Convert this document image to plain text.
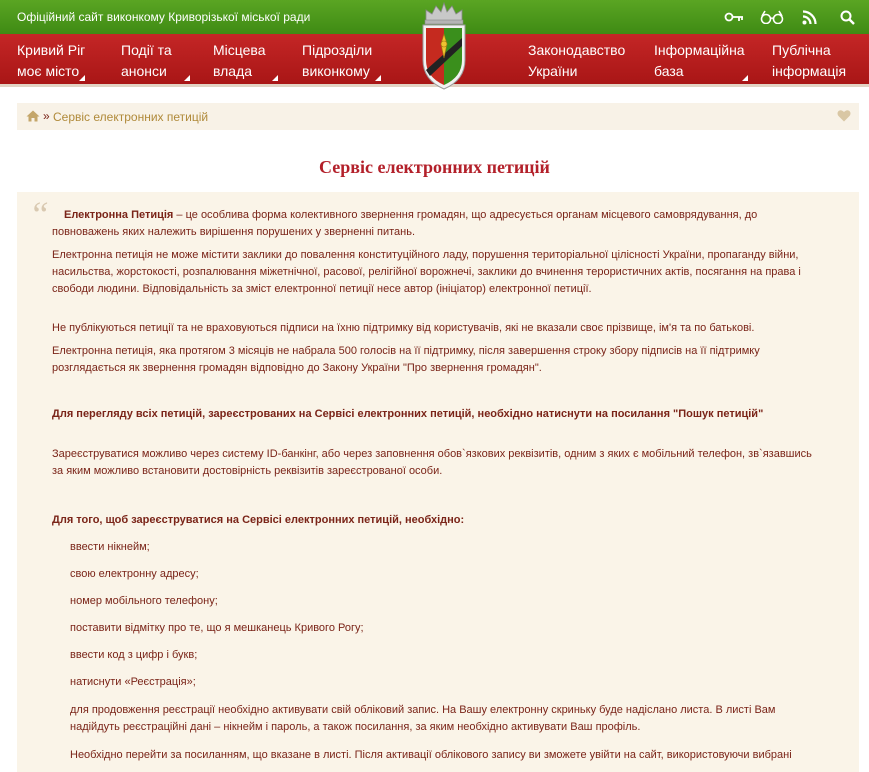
Офіційний сайт виконкому Криворізької міської ради
Кривий Ріг
моє місто
Події та
анонси
Місцева
влада
Підрозділи
виконкому
Законодавство
України
Інформаційна
база
Публічна
інформація
» Сервіс електронних петицій
Сервіс електронних петицій
“ Електронна Петиція – це особлива форма колективного звернення громадян, що адресується органам місцевого самоврядування, до
повноважень яких належить вирішення порушених у зверненні питань.
Електронна петиція не може містити заклики до повалення конституційного ладу, порушення територіальної цілісності України, пропаганду війни,
насильства, жорстокості, розпалювання міжетнічної, расової, релігійної ворожнечі, заклики до вчинення терористичних актів, посягання на права і
свободи людини. Відповідальність за зміст електронної петиції несе автор (ініціатор) електронної петиції.
Не публікуються петиції та не враховуються підписи на їхню підтримку від користувачів, які не вказали своє прізвище, ім'я та по батькові.
Електронна петиція, яка протягом 3 місяців не набрала 500 голосів на її підтримку, після завершення строку збору підписів на її підтримку
розглядається як звернення громадян відповідно до Закону України "Про звернення громадян".
Для перегляду всіх петицій, зареєстрованих на Сервісі електронних петицій, необхідно натиснути на посилання "Пошук петицій"
Зареєструватися можливо через систему ID-банкінг, або через заповнення обов`язкових реквізитів, одним з яких є мобільний телефон, зв`язавшись
за яким можливо встановити достовірність реквізитів зареєстрованої особи.
Для того, щоб зареєструватися на Сервісі електронних петицій, необхідно:
ввести нікнейм;
свою електронну адресу;
номер мобільного телефону;
поставити відмітку про те, що я мешканець Кривого Рогу;
ввести код з цифр і букв;
натиснути «Реєстрація»;
для продовження реєстрації необхідно активувати свій обліковий запис. На Вашу електронну скриньку буде надіслано листа. В листі Вам
надійдуть реєстраційні дані – нікнейм і пароль, а також посилання, за яким необхідно активувати Ваш профіль.
Необхідно перейти за посиланням, що вказане в листі. Після активації облікового запису ви зможете увійти на сайт, використовуючи вибрані
